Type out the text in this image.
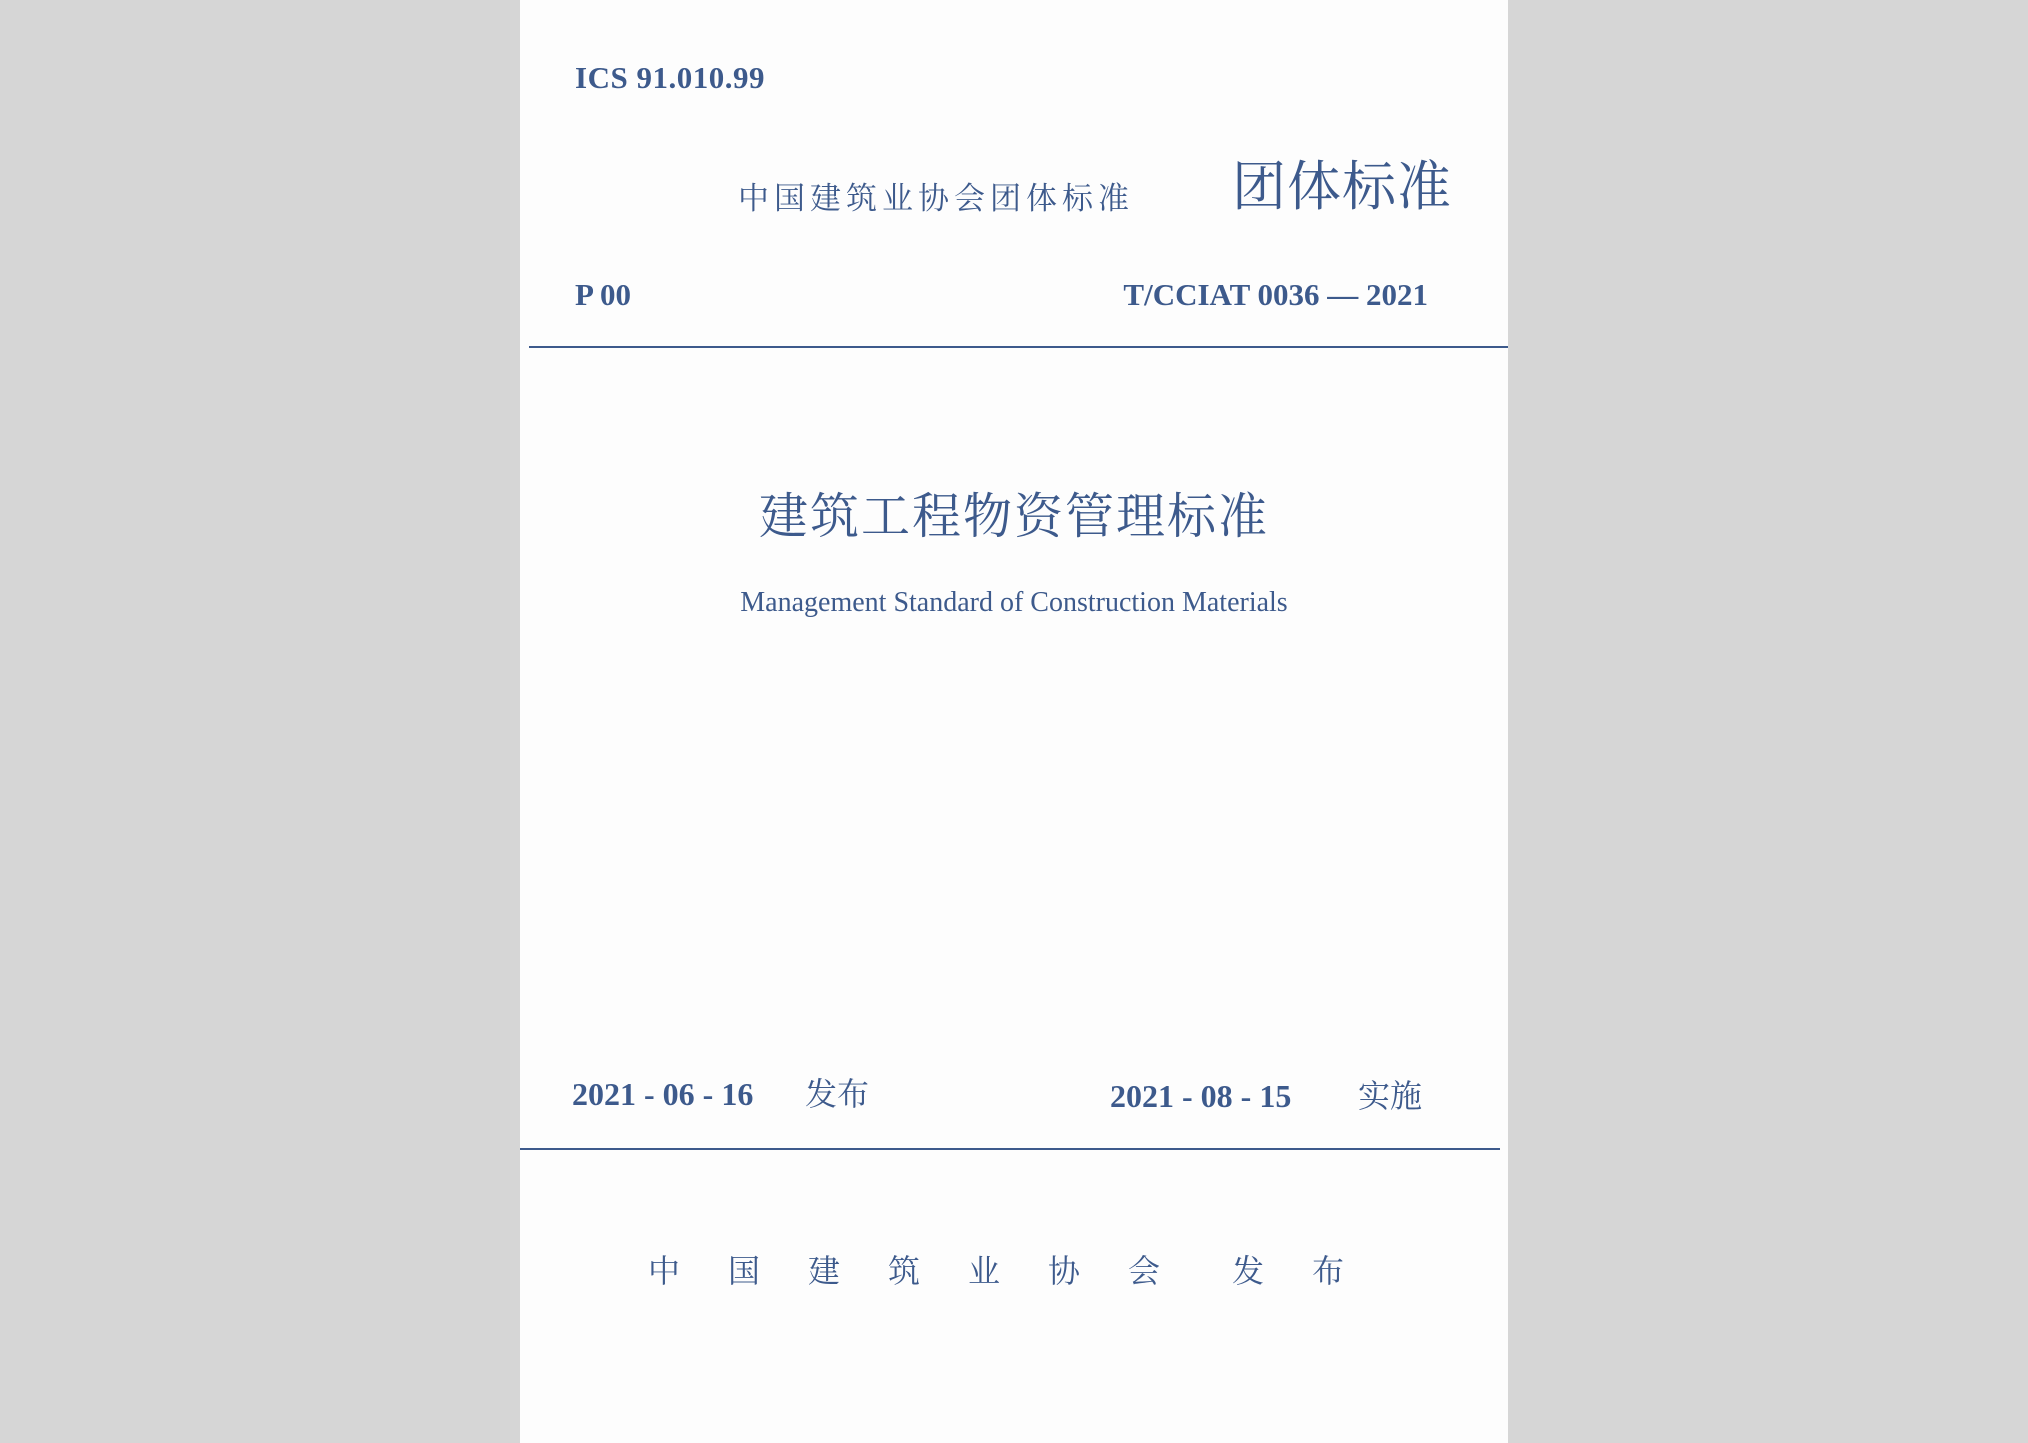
ICS 91.010.99
中国建筑业协会团体标准 团体标准
P 00	T/CCIAT 0036 — 2021
建筑工程物资管理标准
Management Standard of Construction Materials
2021 - 06 - 16 发布	2021 - 08 - 15 实施
中 国 建 筑 业 协 会	发 布
